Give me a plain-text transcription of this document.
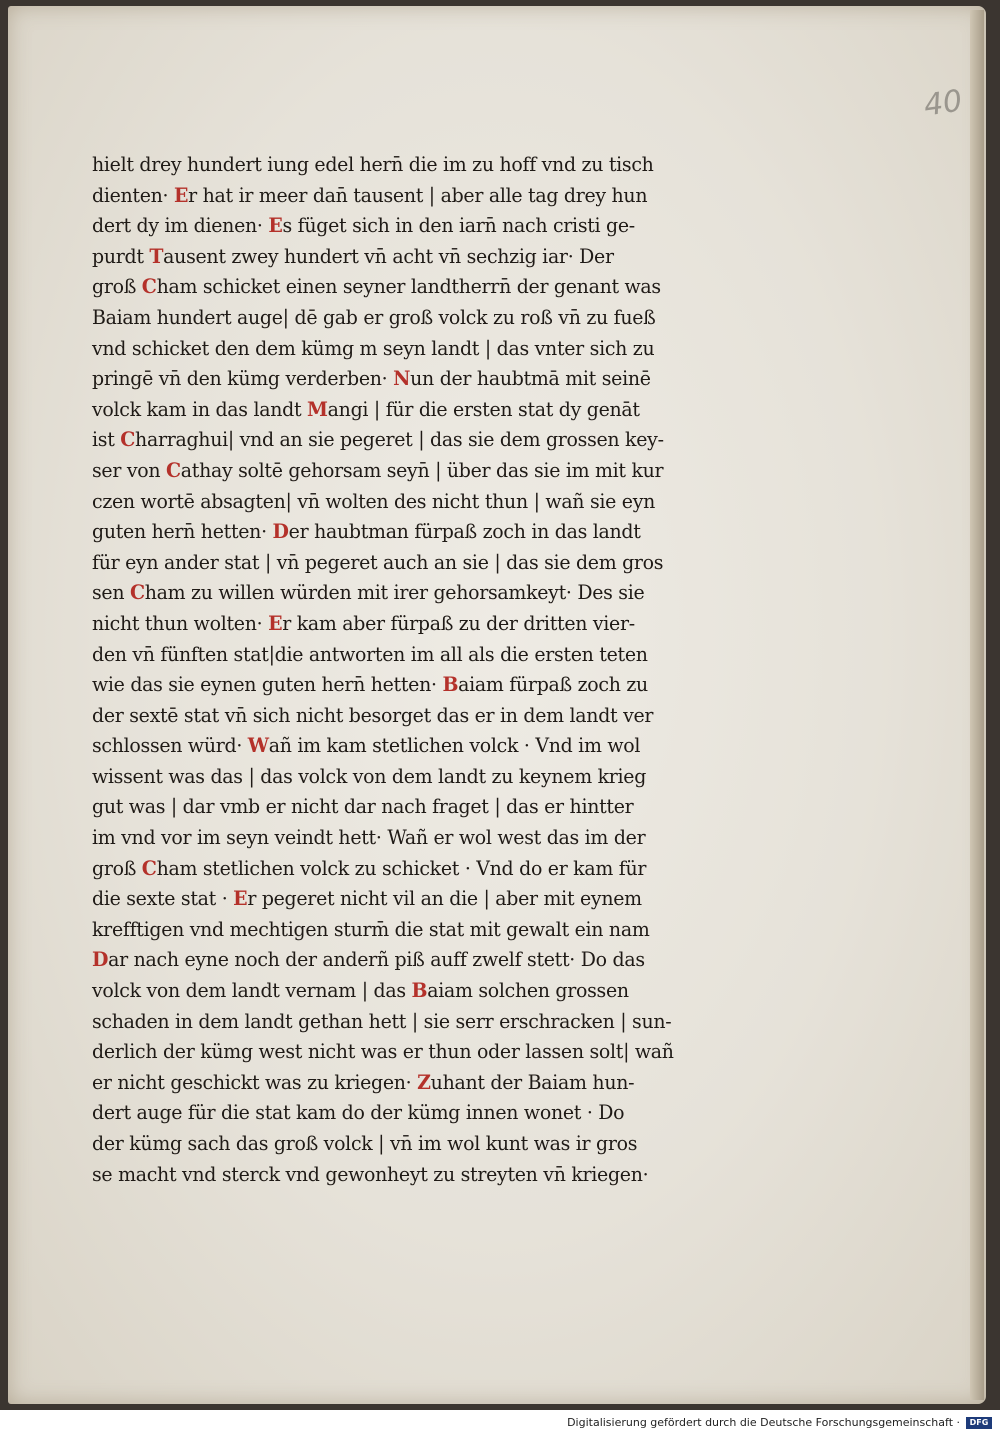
40
hielt drey hundert iung edel hern̄ die im zu hoff vnd zu tisch
dienten· Er hat ir meer dan̄ tausent | aber alle tag drey hun
dert dy im dienen· Es füget sich in den iarn̄ nach cristi ge-
purdt Tausent zwey hundert vn̄ acht vn̄ sechzig iar· Der
groß Cham schicket einen seyner landtherrn̄ der genant was
Baiam hundert auge| dē gab er groß volck zu roß vn̄ zu fueß
vnd schicket den dem kümg m seyn landt | das vnter sich zu
pringē vn̄ den kümg verderben· Nun der haubtmā mit seinē
volck kam in das landt Mangi | für die ersten stat dy genāt
ist Charraghui| vnd an sie pegeret | das sie dem grossen key-
ser von Cathay soltē gehorsam seyn̄ | über das sie im mit kur
czen wortē absagten| vn̄ wolten des nicht thun | wañ sie eyn
guten hern̄ hetten· Der haubtman fürpaß zoch in das landt
für eyn ander stat | vn̄ pegeret auch an sie | das sie dem gros
sen Cham zu willen würden mit irer gehorsamkeyt· Des sie
nicht thun wolten· Er kam aber fürpaß zu der dritten vier-
den vn̄ fünften stat|die antworten im all als die ersten teten
wie das sie eynen guten hern̄ hetten· Baiam fürpaß zoch zu
der sextē stat vn̄ sich nicht besorget das er in dem landt ver
schlossen würd· Wañ im kam stetlichen volck · Vnd im wol
wissent was das | das volck von dem landt zu keynem krieg
gut was | dar vmb er nicht dar nach fraget | das er hintter
im vnd vor im seyn veindt hett· Wañ er wol west das im der
groß Cham stetlichen volck zu schicket · Vnd do er kam für
die sexte stat · Er pegeret nicht vil an die | aber mit eynem
krefftigen vnd mechtigen sturm̄ die stat mit gewalt ein nam
Dar nach eyne noch der anderñ piß auff zwelf stett· Do das
volck von dem landt vernam | das Baiam solchen grossen
schaden in dem landt gethan hett | sie serr erschracken | sun-
derlich der kümg west nicht was er thun oder lassen solt| wañ
er nicht geschickt was zu kriegen· Zuhant der Baiam hun-
dert auge für die stat kam do der kümg innen wonet · Do
der kümg sach das groß volck | vn̄ im wol kunt was ir gros
se macht vnd sterck vnd gewonheyt zu streyten vn̄ kriegen·
Digitalisierung gefördert durch die Deutsche Forschungsgemeinschaft ·	DFG
